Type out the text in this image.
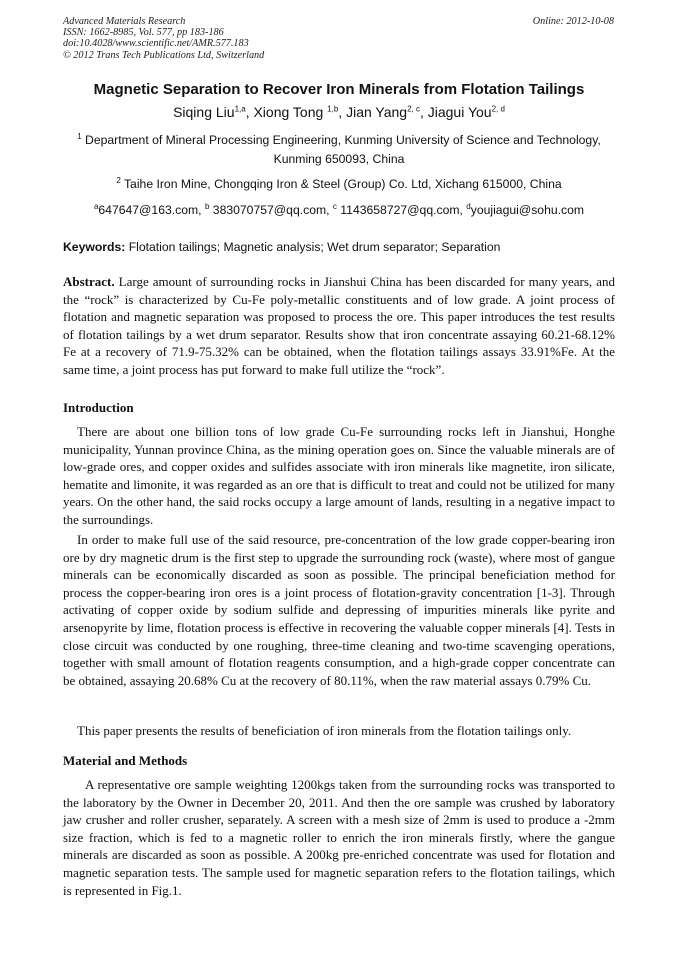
Advanced Materials Research
ISSN: 1662-8985, Vol. 577, pp 183-186
doi:10.4028/www.scientific.net/AMR.577.183
© 2012 Trans Tech Publications Ltd, Switzerland
Online: 2012-10-08
Magnetic Separation to Recover Iron Minerals from Flotation Tailings
Siqing Liu$^{1,a}$, Xiong Tong $^{1,b}$, Jian Yang$^{2, c}$, Jiagui You$^{2, d}$
$^1$ Department of Mineral Processing Engineering, Kunming University of Science and Technology,
Kunming 650093, China
$^2$ Taihe Iron Mine, Chongqing Iron & Steel (Group) Co. Ltd, Xichang 615000, China
$^a$647647@163.com, $^b$ 383070757@qq.com, $^c$ 1143658727@qq.com, $^d$youjiagui@sohu.com
Keywords: Flotation tailings; Magnetic analysis; Wet drum separator; Separation
Abstract. Large amount of surrounding rocks in Jianshui China has been discarded for many years, and the “rock” is characterized by Cu-Fe poly-metallic constituents and of low grade. A joint process of flotation and magnetic separation was proposed to process the ore. This paper introduces the test results of flotation tailings by a wet drum separator. Results show that iron concentrate assaying 60.21-68.12% Fe at a recovery of 71.9-75.32% can be obtained, when the flotation tailings assays 33.91%Fe. At the same time, a joint process has put forward to make full utilize the “rock”.
Introduction

There are about one billion tons of low grade Cu-Fe surrounding rocks left in Jianshui, Honghe municipality, Yunnan province China, as the mining operation goes on. Since the valuable minerals are of low-grade ores, and copper oxides and sulfides associate with iron minerals like magnetite, iron silicate, hematite and limonite, it was regarded as an ore that is difficult to treat and could not be utilized for many years. On the other hand, the said rocks occupy a large amount of lands, resulting in a negative impact to the surroundings.

In order to make full use of the said resource, pre-concentration of the low grade copper-bearing iron ore by dry magnetic drum is the first step to upgrade the surrounding rock (waste), where most of gangue minerals can be economically discarded as soon as possible. The principal beneficiation method for process the copper-bearing iron ores is a joint process of flotation-gravity concentration [1-3]. Through activating of copper oxide by sodium sulfide and depressing of impurities minerals like pyrite and arsenopyrite by lime, flotation process is effective in recovering the valuable copper minerals [4]. Tests in close circuit was conducted by one roughing, three-time cleaning and two-time scavenging operations, together with small amount of flotation reagents consumption, and a high-grade copper concentrate can be obtained, assaying 20.68% Cu at the recovery of 80.11%, when the raw material assays 0.79% Cu.

This paper presents the results of beneficiation of iron minerals from the flotation tailings only.

Material and Methods

A representative ore sample weighting 1200kgs taken from the surrounding rocks was transported to the laboratory by the Owner in December 20, 2011. And then the ore sample was crushed by laboratory jaw crusher and roller crusher, separately. A screen with a mesh size of 2mm is used to produce a -2mm size fraction, which is fed to a magnetic roller to enrich the iron minerals firstly, where the gangue minerals are discarded as soon as possible. A 200kg pre-enriched concentrate was used for flotation and magnetic separation tests. The sample used for magnetic separation refers to the flotation tailings, which is represented in Fig.1.
